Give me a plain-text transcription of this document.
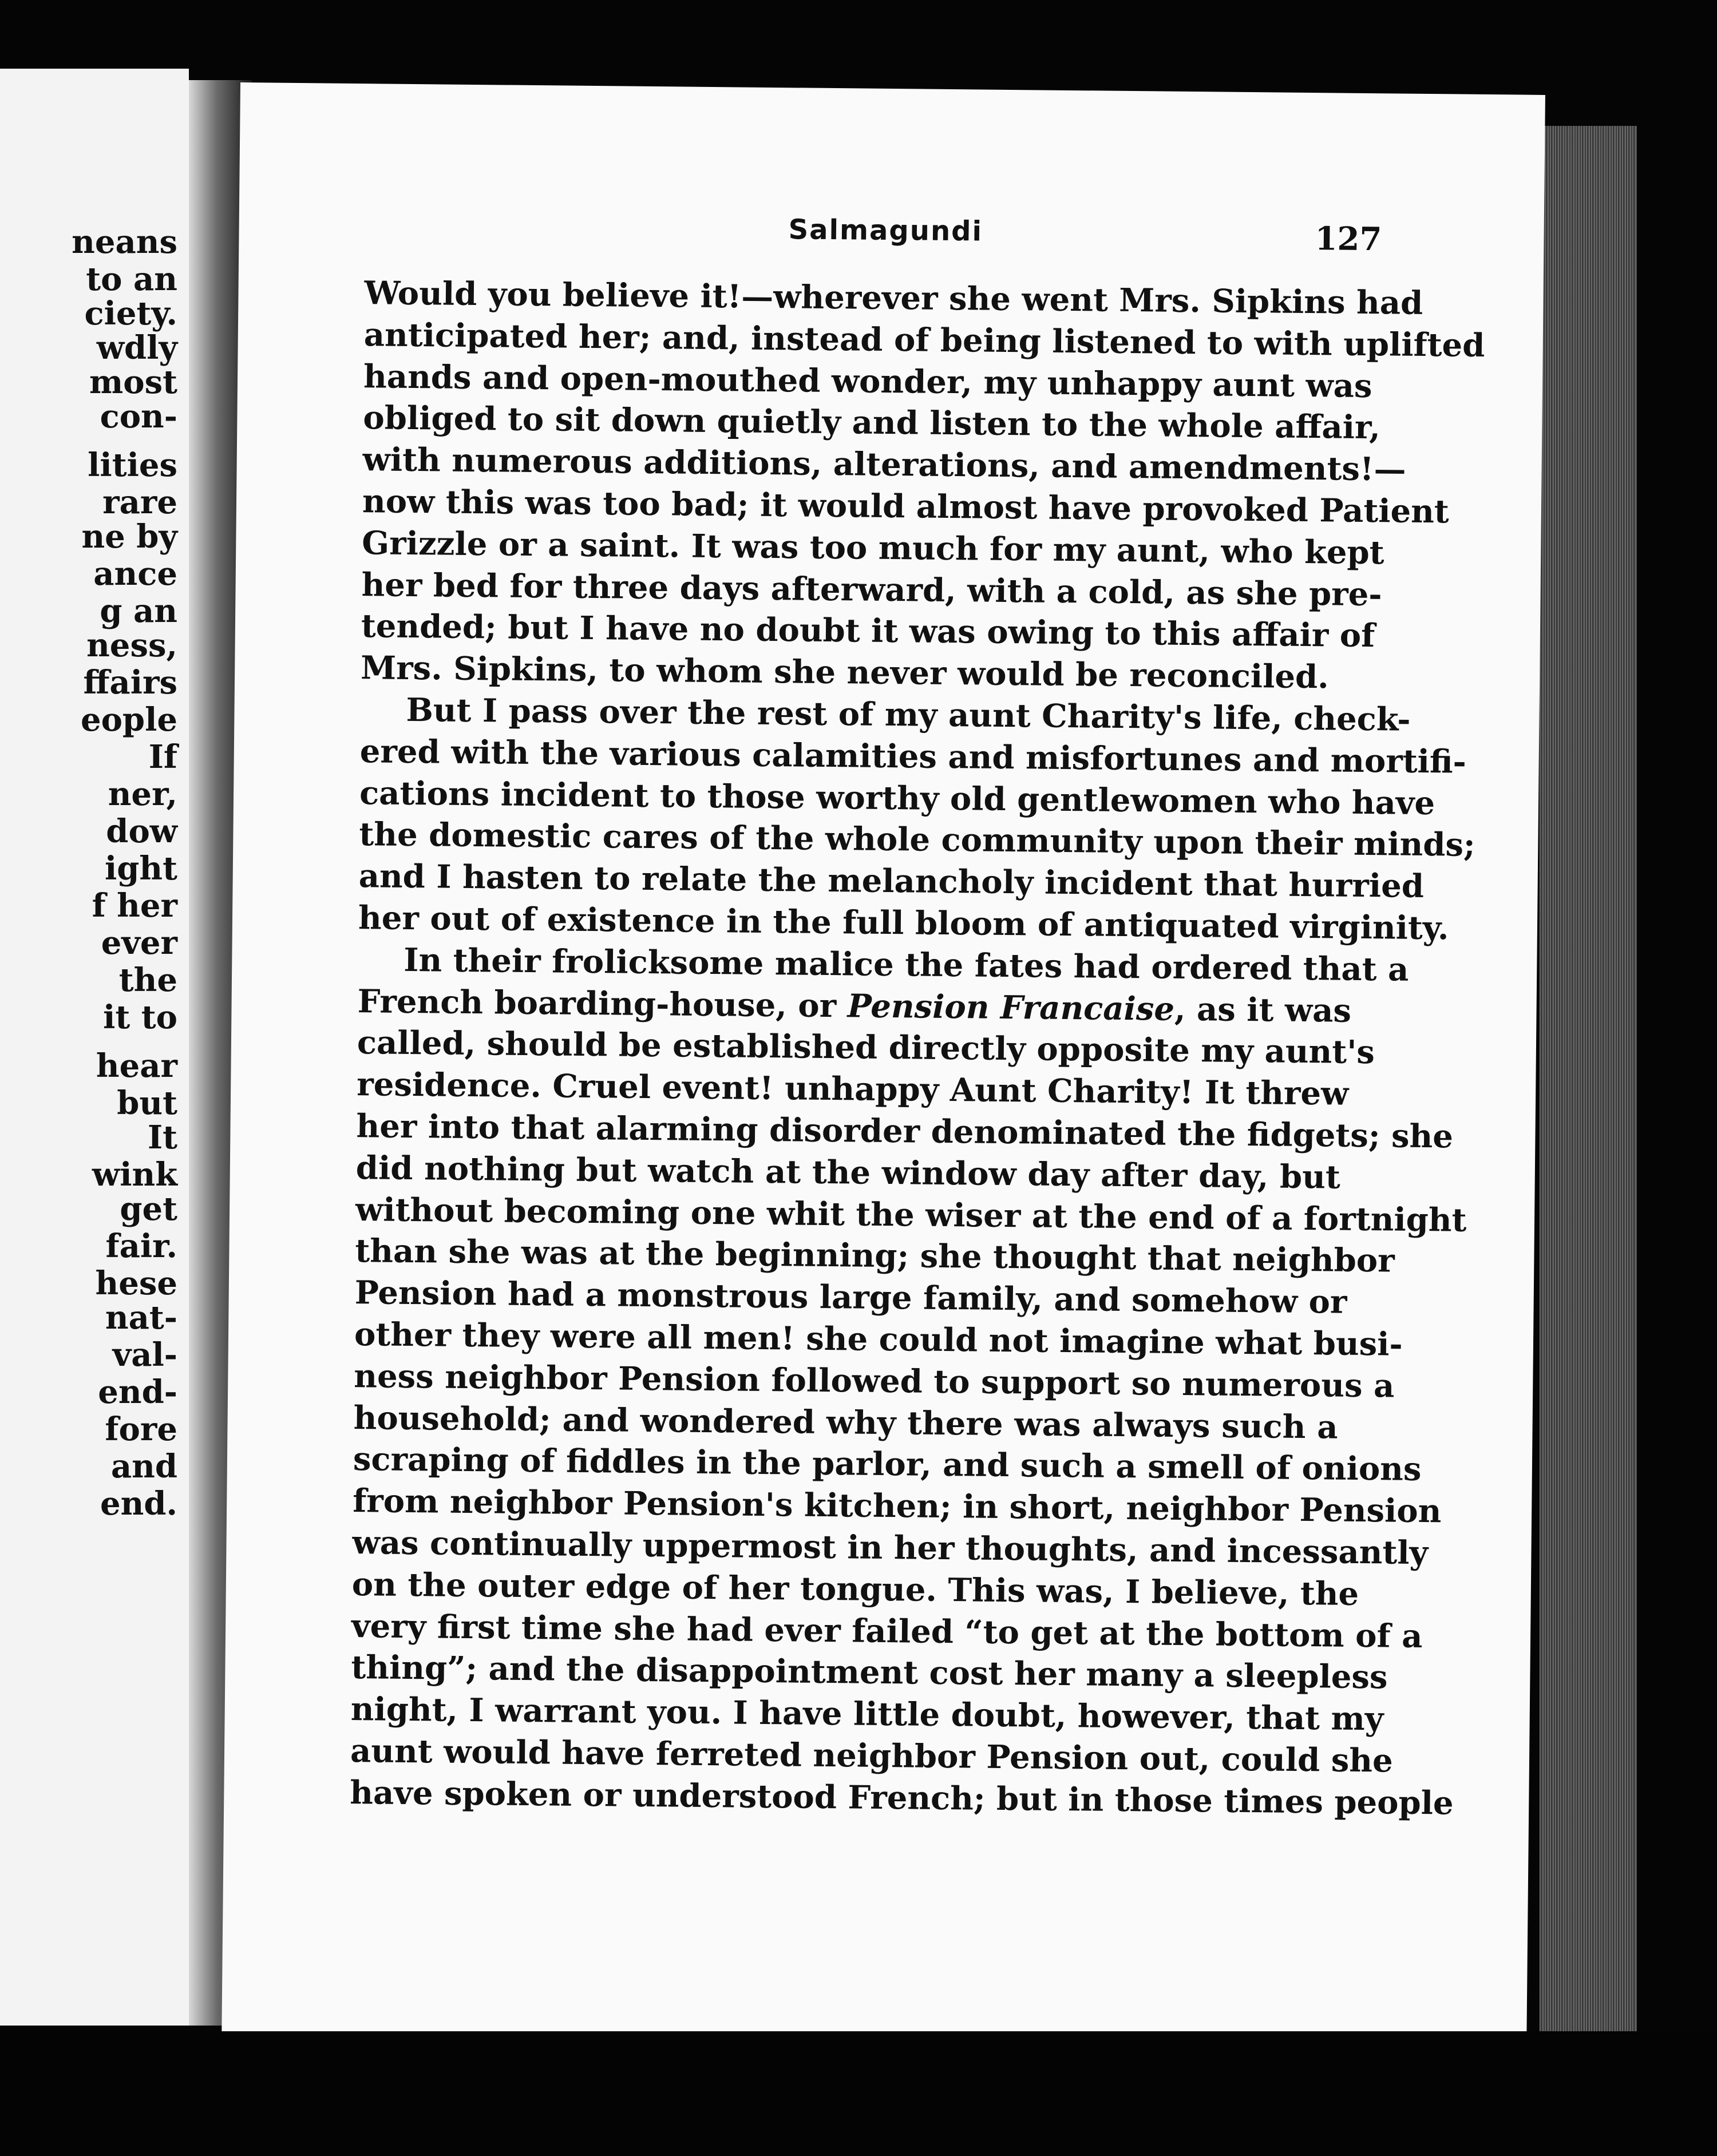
neans
to an
ciety.
wdly
most
con-
lities
rare
ne by
ance
g an
ness,
ffairs
eople
If
ner,
dow
ight
f her
ever
the
it to
hear
but
It
wink
get
fair.
hese
nat-
val-
end-
fore
and
end.
Salmagundi	127
Would you believe it!—wherever she went Mrs. Sipkins had
anticipated her; and, instead of being listened to with uplifted
hands and open-mouthed wonder, my unhappy aunt was
obliged to sit down quietly and listen to the whole affair,
with numerous additions, alterations, and amendments!—
now this was too bad; it would almost have provoked Patient
Grizzle or a saint. It was too much for my aunt, who kept
her bed for three days afterward, with a cold, as she pre-
tended; but I have no doubt it was owing to this affair of
Mrs. Sipkins, to whom she never would be reconciled.
But I pass over the rest of my aunt Charity's life, check-
ered with the various calamities and misfortunes and mortifi-
cations incident to those worthy old gentlewomen who have
the domestic cares of the whole community upon their minds;
and I hasten to relate the melancholy incident that hurried
her out of existence in the full bloom of antiquated virginity.
In their frolicksome malice the fates had ordered that a
French boarding-house, or Pension Francaise, as it was
called, should be established directly opposite my aunt's
residence. Cruel event! unhappy Aunt Charity! It threw
her into that alarming disorder denominated the fidgets; she
did nothing but watch at the window day after day, but
without becoming one whit the wiser at the end of a fortnight
than she was at the beginning; she thought that neighbor
Pension had a monstrous large family, and somehow or
other they were all men! she could not imagine what busi-
ness neighbor Pension followed to support so numerous a
household; and wondered why there was always such a
scraping of fiddles in the parlor, and such a smell of onions
from neighbor Pension's kitchen; in short, neighbor Pension
was continually uppermost in her thoughts, and incessantly
on the outer edge of her tongue. This was, I believe, the
very first time she had ever failed “to get at the bottom of a
thing”; and the disappointment cost her many a sleepless
night, I warrant you. I have little doubt, however, that my
aunt would have ferreted neighbor Pension out, could she
have spoken or understood French; but in those times people
